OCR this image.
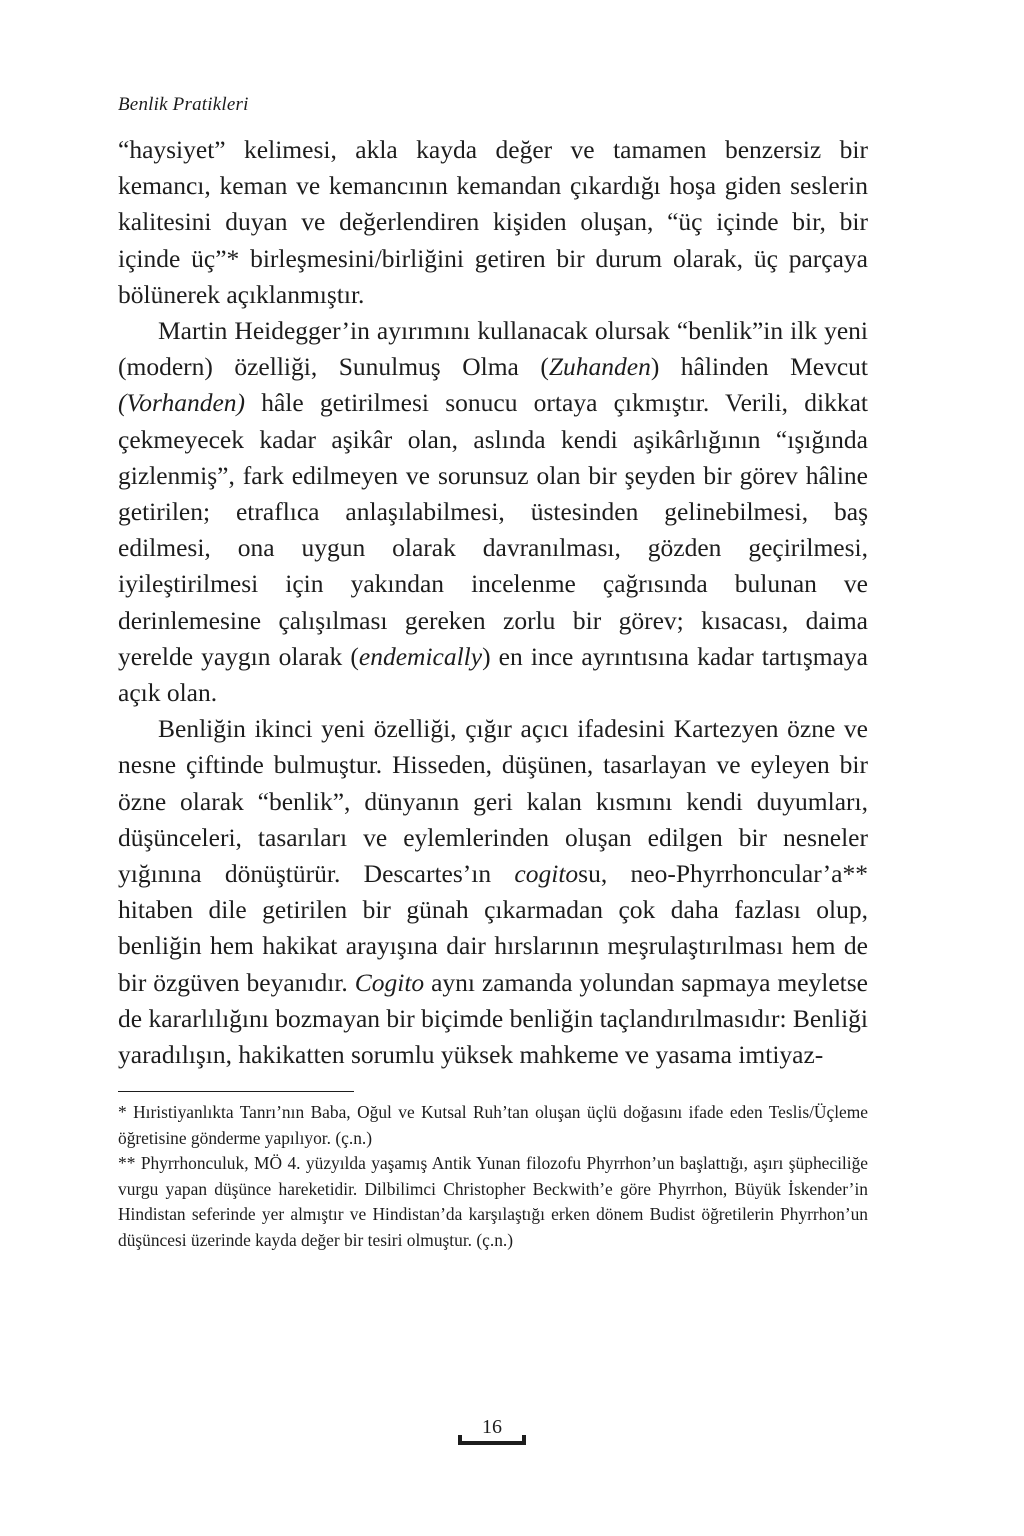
Benlik Pratikleri

“haysiyet” kelimesi, akla kayda değer ve tamamen benzersiz bir kemancı, keman ve kemancının kemandan çıkardığı hoşa giden seslerin kalitesini duyan ve değerlendiren kişiden oluşan, “üç içinde bir, bir içinde üç”* birleşmesini/birliğini getiren bir durum olarak, üç parçaya bölünerek açıklanmıştır.

Martin Heidegger’in ayırımını kullanacak olursak “benlik”in ilk yeni (modern) özelliği, Sunulmuş Olma (Zuhanden) hâlinden Mevcut (Vorhanden) hâle getirilmesi sonucu ortaya çıkmıştır. Verili, dikkat çekmeyecek kadar aşikâr olan, aslında kendi aşikârlığının “ışığında gizlenmiş”, fark edilmeyen ve sorunsuz olan bir şeyden bir görev hâline getirilen; etraflıca anlaşılabilmesi, üstesinden gelinebilmesi, baş edilmesi, ona uygun olarak davranılması, gözden geçirilmesi, iyileştirilmesi için yakından incelenme çağrısında bulunan ve derinlemesine çalışılması gereken zorlu bir görev; kısacası, daima yerelde yaygın olarak (endemically) en ince ayrıntısına kadar tartışmaya açık olan.

Benliğin ikinci yeni özelliği, çığır açıcı ifadesini Kartezyen özne ve nesne çiftinde bulmuştur. Hisseden, düşünen, tasarlayan ve eyleyen bir özne olarak “benlik”, dünyanın geri kalan kısmını kendi duyumları, düşünceleri, tasarıları ve eylemlerinden oluşan edilgen bir nesneler yığınına dönüştürür. Descartes’ın cogitosu, neo-Phyrrhoncular’a** hitaben dile getirilen bir günah çıkarmadan çok daha fazlası olup, benliğin hem hakikat arayışına dair hırslarının meşrulaştırılması hem de bir özgüven beyanıdır. Cogito aynı zamanda yolundan sapmaya meyletse de kararlılığını bozmayan bir biçimde benliğin taçlandırılmasıdır: Benliği yaradılışın, hakikatten sorumlu yüksek mahkeme ve yasama imtiyaz-

* Hıristiyanlıkta Tanrı’nın Baba, Oğul ve Kutsal Ruh’tan oluşan üçlü doğasını ifade eden Teslis/Üçleme öğretisine gönderme yapılıyor. (ç.n.)

** Phyrrhonculuk, MÖ 4. yüzyılda yaşamış Antik Yunan filozofu Phyrrhon’un başlattığı, aşırı şüpheciliğe vurgu yapan düşünce hareketidir. Dilbilimci Christopher Beckwith’e göre Phyrrhon, Büyük İskender’in Hindistan seferinde yer almıştır ve Hindistan’da karşılaştığı erken dönem Budist öğretilerin Phyrrhon’un düşüncesi üzerinde kayda değer bir tesiri olmuştur. (ç.n.)

16
